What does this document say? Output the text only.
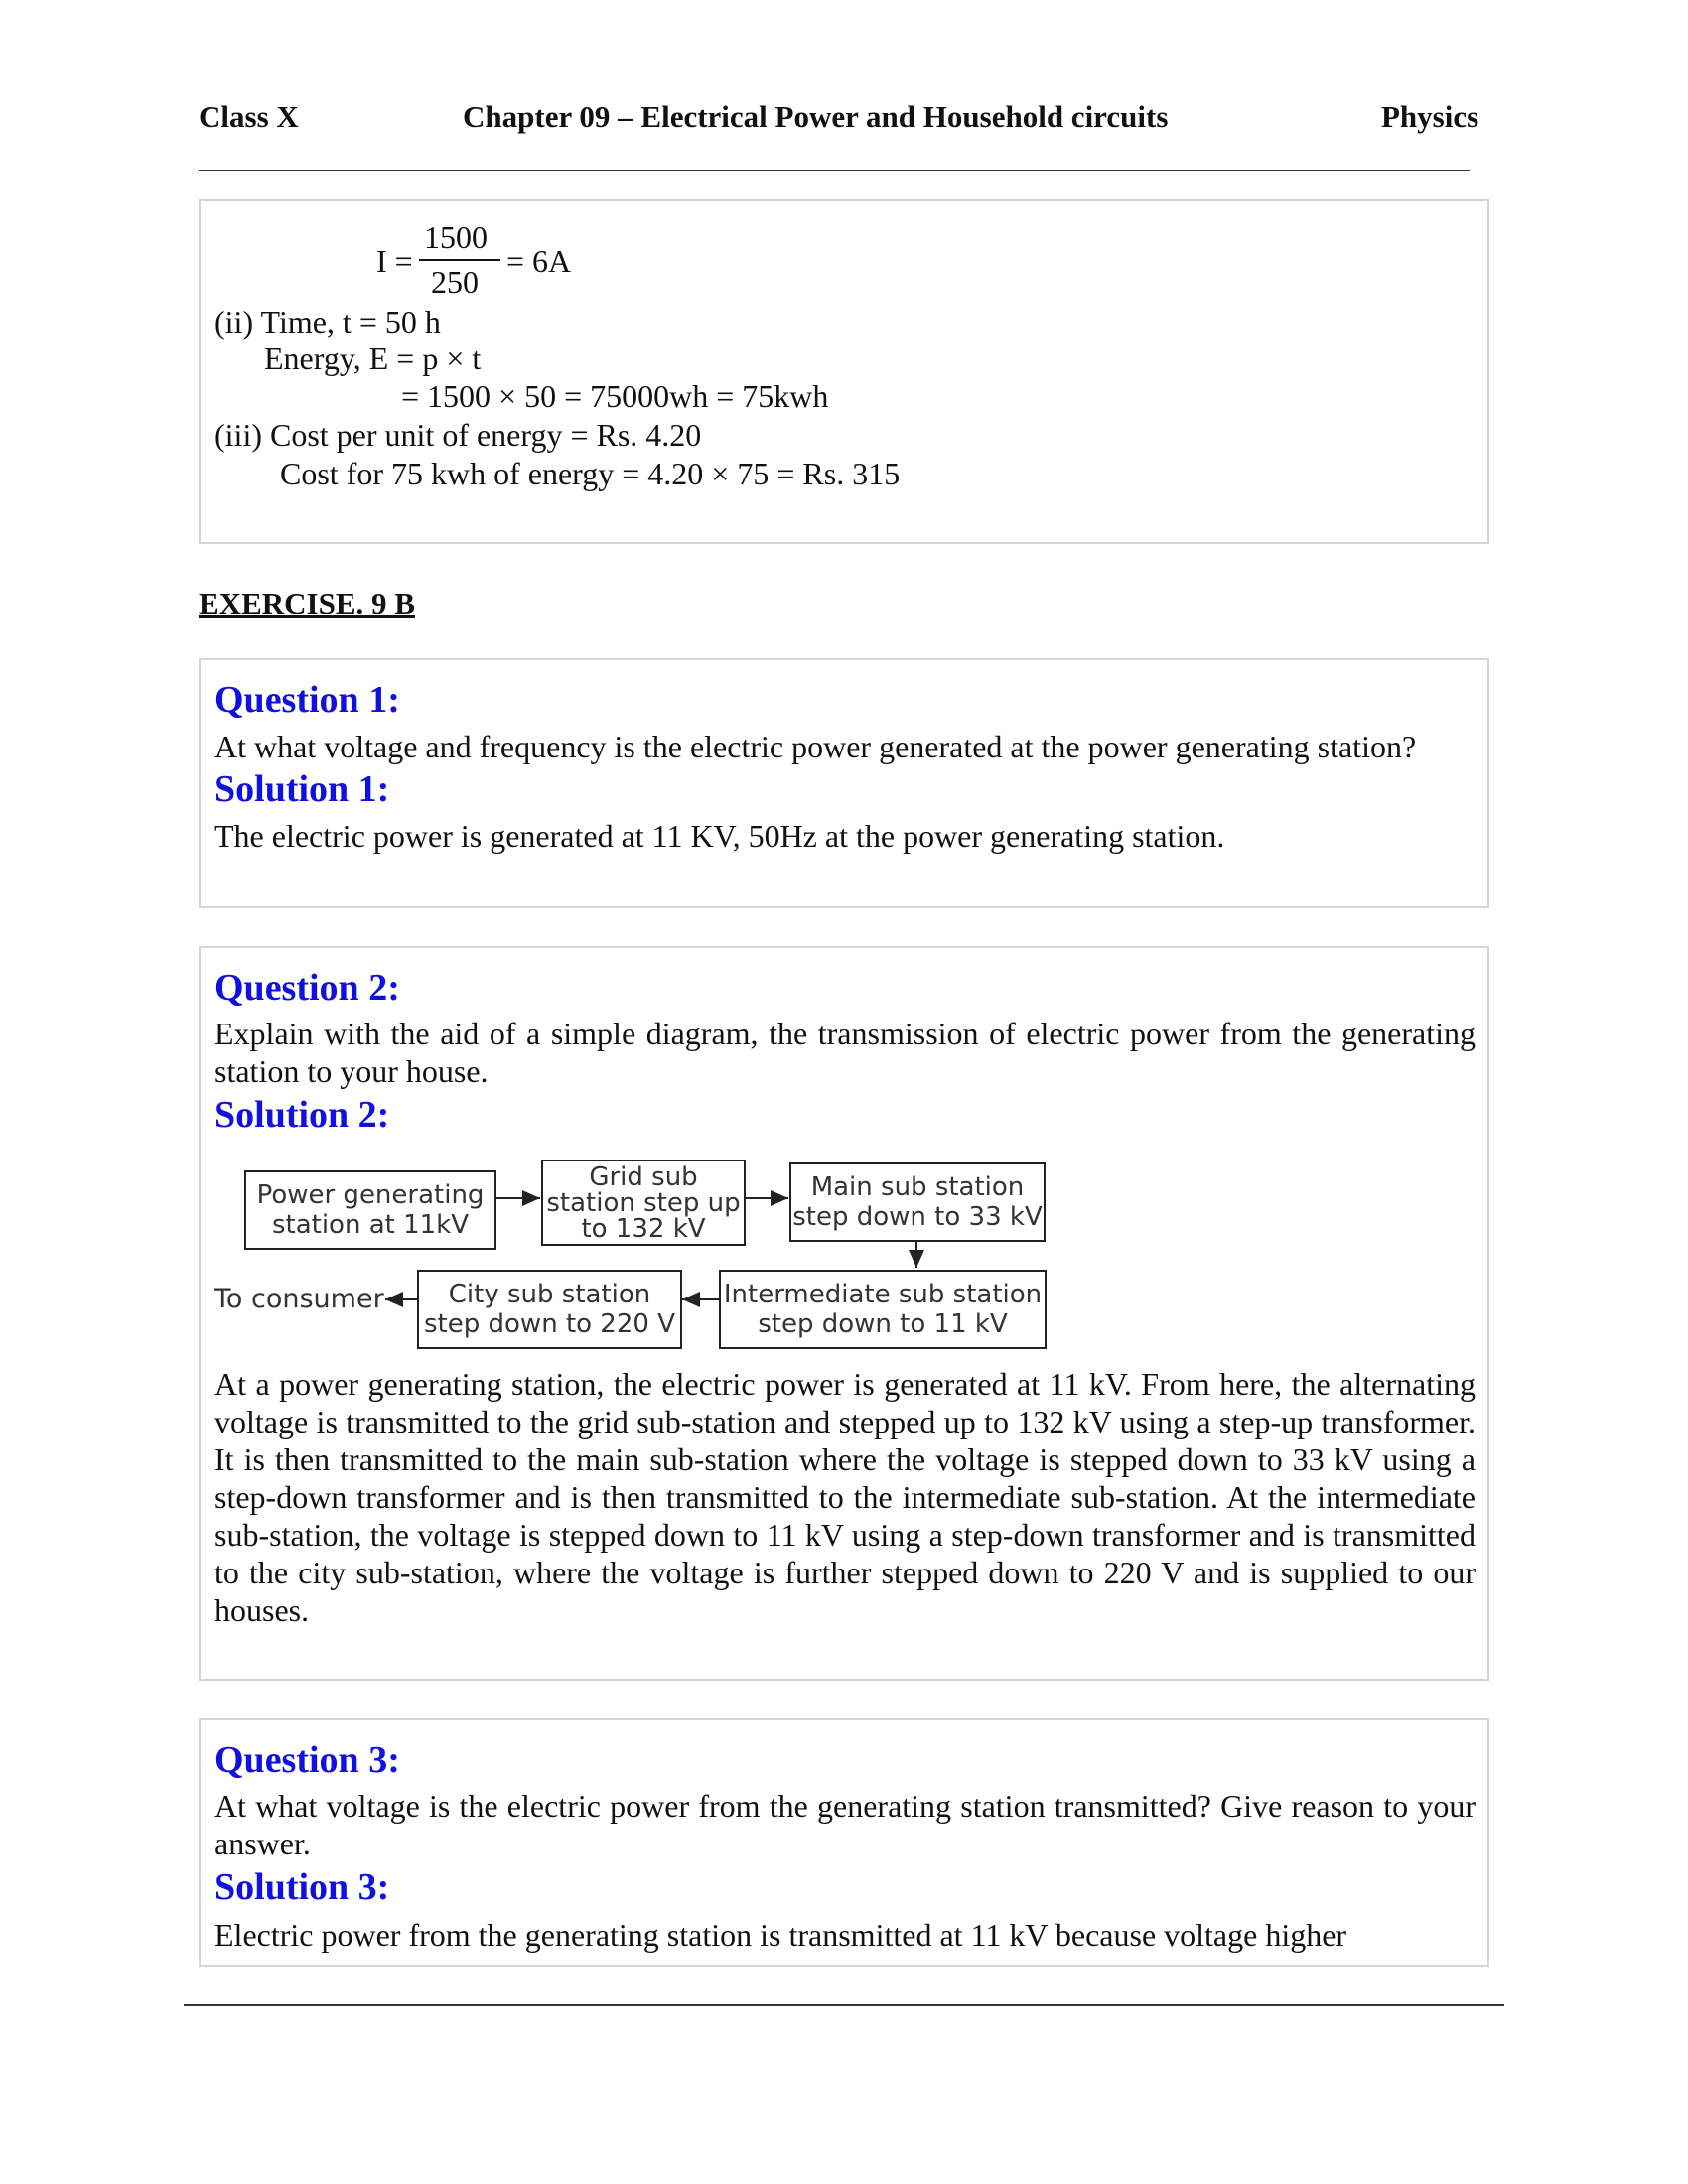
Class X	Chapter 09 – Electrical Power and Household circuits	Physics
I =
1500
250
= 6A
(ii) Time, t = 50 h
Energy, E = p × t
= 1500 × 50 = 75000wh = 75kwh
(iii) Cost per unit of energy = Rs. 4.20
Cost for 75 kwh of energy = 4.20 × 75 = Rs. 315
EXERCISE. 9 B
Question 1:
At what voltage and frequency is the electric power generated at the power generating station?
Solution 1:
The electric power is generated at 11 KV, 50Hz at the power generating station.
Question 2:
Explain with the aid of a simple diagram, the transmission of electric power from the generating station to your house.
Solution 2:
Power generating
station at 11kV
Grid sub
station step up
to 132 kV
Main sub station
step down to 33 kV
Intermediate sub station
step down to 11 kV
City sub station
step down to 220 V
To consumer
At a power generating station, the electric power is generated at 11 kV. From here, the alternating voltage is transmitted to the grid sub-station and stepped up to 132 kV using a step-up transformer. It is then transmitted to the main sub-station where the voltage is stepped down to 33 kV using a step-down transformer and is then transmitted to the intermediate sub-station. At the intermediate sub-station, the voltage is stepped down to 11 kV using a step-down transformer and is transmitted to the city sub-station, where the voltage is further stepped down to 220 V and is supplied to our houses.
Question 3:
At what voltage is the electric power from the generating station transmitted? Give reason to your answer.
Solution 3:
Electric power from the generating station is transmitted at 11 kV because voltage higher
